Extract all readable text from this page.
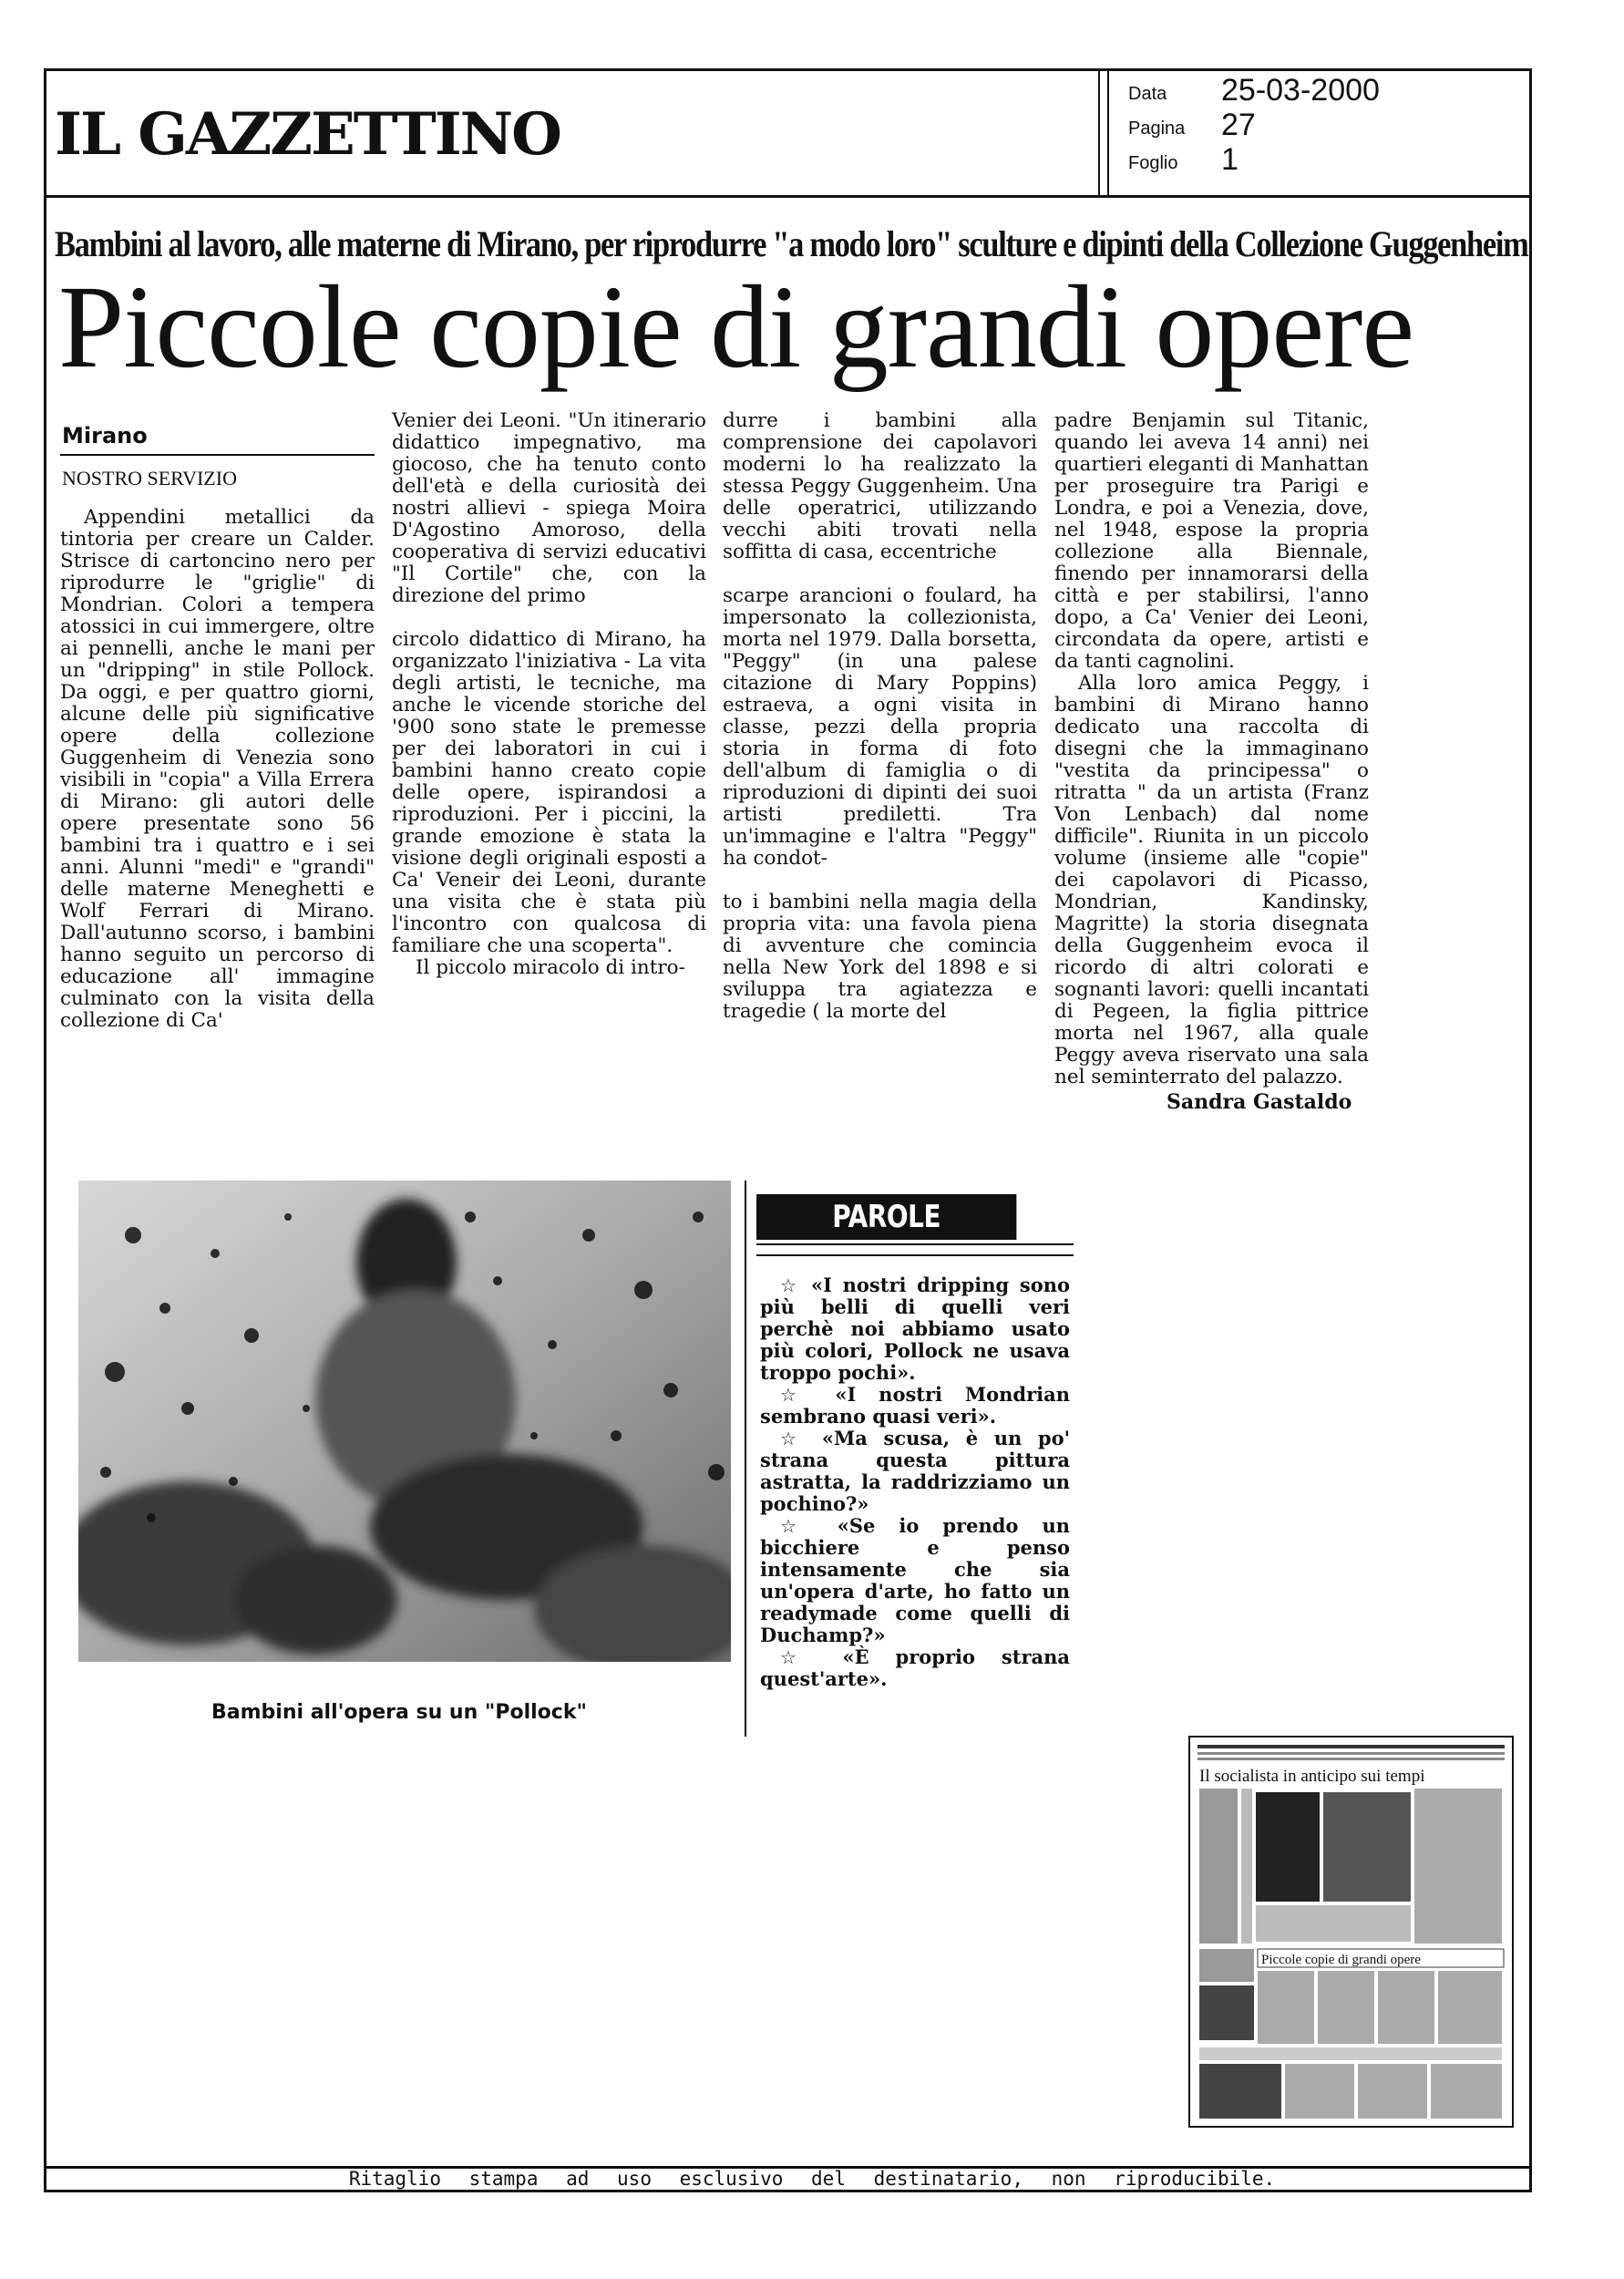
IL GAZZETTINO
Data 25-03-2000
Pagina 27
Foglio 1
Bambini al lavoro, alle materne di Mirano, per riprodurre "a modo loro" sculture e dipinti della Collezione Guggenheim
Piccole copie di grandi opere
Mirano
NOSTRO SERVIZIO

Appendini metallici da tintoria per creare un Calder. Strisce di cartoncino nero per riprodurre le "griglie" di Mondrian. Colori a tempera atossici in cui immergere, oltre ai pennelli, anche le mani per un "dripping" in stile Pollock. Da oggi, e per quattro giorni, alcune delle più significative opere della collezione Guggenheim di Venezia sono visibili in "copia" a Villa Errera di Mirano: gli autori delle opere presentate sono 56 bambini tra i quattro e i sei anni. Alunni "medi" e "grandi" delle materne Meneghetti e Wolf Ferrari di Mirano. Dall'autunno scorso, i bambini hanno seguito un percorso di educazione all' immagine culminato con la visita della collezione di Ca'

Venier dei Leoni. "Un itinerario didattico impegnativo, ma giocoso, che ha tenuto conto dell'età e della curiosità dei nostri allievi - spiega Moira D'Agostino Amoroso, della cooperativa di servizi educativi "Il Cortile" che, con la direzione del primo

circolo didattico di Mirano, ha organizzato l'iniziativa - La vita degli artisti, le tecniche, ma anche le vicende storiche del '900 sono state le premesse per dei laboratori in cui i bambini hanno creato copie delle opere, ispirandosi a riproduzioni. Per i piccini, la grande emozione è stata la visione degli originali esposti a Ca' Veneir dei Leoni, durante una visita che è stata più l'incontro con qualcosa di familiare che una scoperta".

Il piccolo miracolo di intro-

durre i bambini alla comprensione dei capolavori moderni lo ha realizzato la stessa Peggy Guggenheim. Una delle operatrici, utilizzando vecchi abiti trovati nella soffitta di casa, eccentriche

scarpe arancioni o foulard, ha impersonato la collezionista, morta nel 1979. Dalla borsetta, "Peggy" (in una palese citazione di Mary Poppins) estraeva, a ogni visita in classe, pezzi della propria storia in forma di foto dell'album di famiglia o di riproduzioni di dipinti dei suoi artisti prediletti. Tra un'immagine e l'altra "Peggy" ha condot-

to i bambini nella magia della propria vita: una favola piena di avventure che comincia nella New York del 1898 e si sviluppa tra agiatezza e tragedie ( la morte del

padre Benjamin sul Titanic, quando lei aveva 14 anni) nei quartieri eleganti di Manhattan per proseguire tra Parigi e Londra, e poi a Venezia, dove, nel 1948, espose la propria collezione alla Biennale, finendo per innamorarsi della città e per stabilirsi, l'anno dopo, a Ca' Venier dei Leoni, circondata da opere, artisti e da tanti cagnolini.

Alla loro amica Peggy, i bambini di Mirano hanno dedicato una raccolta di disegni che la immaginano "vestita da principessa" o ritratta " da un artista (Franz Von Lenbach) dal nome difficile". Riunita in un piccolo volume (insieme alle "copie" dei capolavori di Picasso, Mondrian, Kandinsky, Magritte) la storia disegnata della Guggenheim evoca il ricordo di altri colorati e sognanti lavori: quelli incantati di Pegeen, la figlia pittrice morta nel 1967, alla quale Peggy aveva riservato una sala nel seminterrato del palazzo.

Sandra Gastaldo
Bambini all'opera su un "Pollock"
PAROLE D'ARTISTA

☆ «I nostri dripping sono più belli di quelli veri perchè noi abbiamo usato più colori, Pollock ne usava troppo pochi».

☆ «I nostri Mondrian sembrano quasi veri».

☆ «Ma scusa, è un po' strana questa pittura astratta, la raddrizziamo un pochino?»

☆ «Se io prendo un bicchiere e penso intensamente che sia un'opera d'arte, ho fatto un readymade come quelli di Duchamp?»

☆ «È proprio strana quest'arte».

Il socialista in anticipo sui tempi
Piccole copie di grandi opere
Ritaglio stampa ad uso esclusivo del destinatario, non riproducibile.
